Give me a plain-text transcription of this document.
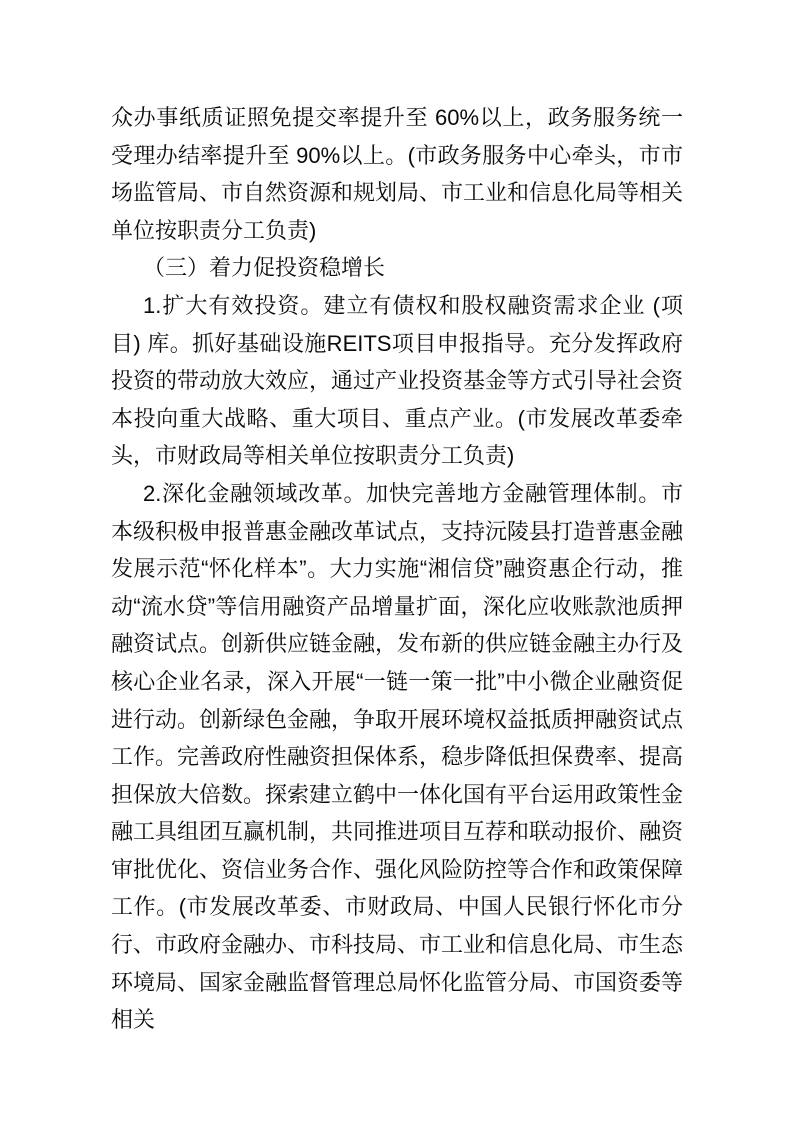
众办事纸质证照免提交率提升至 60%以上，政务服务统一受理办结率提升至 90%以上。(市政务服务中心牵头，市市场监管局、市自然资源和规划局、市工业和信息化局等相关单位按职责分工负责)

（三）着力促投资稳增长

1.扩大有效投资。建立有债权和股权融资需求企业 (项目) 库。抓好基础设施REITS项目申报指导。充分发挥政府投资的带动放大效应，通过产业投资基金等方式引导社会资本投向重大战略、重大项目、重点产业。(市发展改革委牵头，市财政局等相关单位按职责分工负责)

2.深化金融领域改革。加快完善地方金融管理体制。市本级积极申报普惠金融改革试点，支持沅陵县打造普惠金融发展示范“怀化样本”。大力实施“湘信贷”融资惠企行动，推动“流水贷”等信用融资产品增量扩面，深化应收账款池质押融资试点。创新供应链金融，发布新的供应链金融主办行及核心企业名录，深入开展“一链一策一批”中小微企业融资促进行动。创新绿色金融，争取开展环境权益抵质押融资试点工作。完善政府性融资担保体系，稳步降低担保费率、提高担保放大倍数。探索建立鹤中一体化国有平台运用政策性金融工具组团互赢机制，共同推进项目互荐和联动报价、融资审批优化、资信业务合作、强化风险防控等合作和政策保障工作。(市发展改革委、市财政局、中国人民银行怀化市分行、市政府金融办、市科技局、市工业和信息化局、市生态环境局、国家金融监督管理总局怀化监管分局、市国资委等相关
